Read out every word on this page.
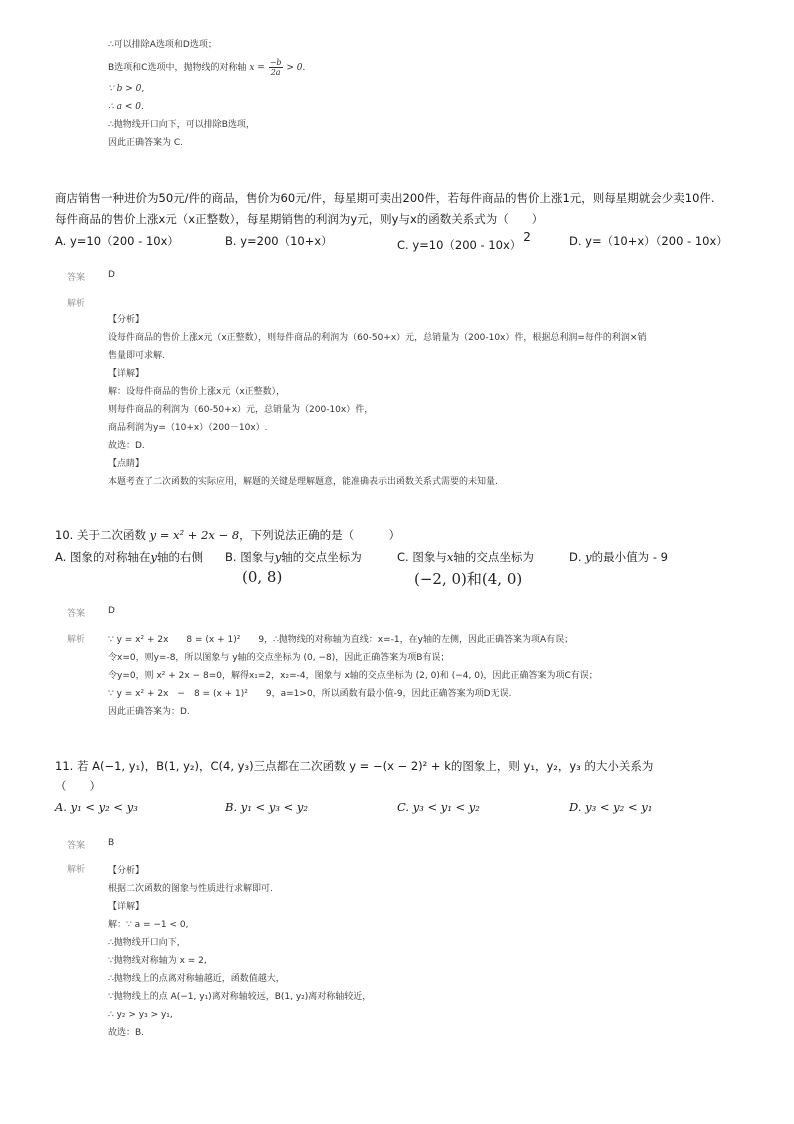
∴可以排除A选项和D选项；
B选项和C选项中，抛物线的对称轴 $x = \frac{-b}{2a} > 0$.
∵ b > 0,
∴ a < 0.
∴抛物线开口向下，可以排除B选项，
因此正确答案为 C.
商店销售一种进价为50元/件的商品，售价为60元/件，每星期可卖出200件，若每件商品的售价上涨1元，则每星期就会少卖10件.
每件商品的售价上涨x元（x正整数），每星期销售的利润为y元，则y与x的函数关系式为（　　）
A. y=10（200 - 10x）	B. y=200（10+x）	C. y=10（200 - 10x）$^2$	D. y=（10+x）（200 - 10x）
答案	D
解析
【分析】
设每件商品的售价上涨x元（x正整数），则每件商品的利润为（60-50+x）元，总销量为（200-10x）件，根据总利润=每件的利润×销
售量即可求解.
【详解】
解：设每件商品的售价上涨x元（x正整数），
则每件商品的利润为（60-50+x）元，总销量为（200-10x）件，
商品利润为y=（10+x）（200－10x）.
故选：D.
【点睛】
本题考查了二次函数的实际应用，解题的关键是理解题意，能准确表示出函数关系式需要的未知量.
10. 关于二次函数 y = x² + 2x − 8，下列说法正确的是（　　　）
A. 图象的对称轴在y轴的右侧 B. 图象与y轴的交点坐标为
(0, 8)
C. 图象与x轴的交点坐标为
(−2, 0)和(4, 0)
D. y的最小值为 - 9
答案	D
解析	∵ y = x² + 2x　　8 = (x + 1)²　　9，∴抛物线的对称轴为直线：x=-1，在y轴的左侧，因此正确答案为项A有误；
令x=0，则y=-8，所以图象与 y轴的交点坐标为 (0, −8)，因此正确答案为项B有误；
令y=0，则 x² + 2x − 8=0，解得x₁=2，x₂=-4，图象与 x轴的交点坐标为 (2, 0)和 (−4, 0)，因此正确答案为项C有误；
∵ y = x² + 2x　−　8 = (x + 1)²　　9，a=1>0，所以函数有最小值-9，因此正确答案为项D无误.
因此正确答案为：D.
11. 若 A(−1, y₁)，B(1, y₂)，C(4, y₃)三点都在二次函数 y = −(x − 2)² + k的图象上，则 y₁，y₂，y₃ 的大小关系为
（　　）
A. y₁ < y₂ < y₃	B. y₁ < y₃ < y₂	C. y₃ < y₁ < y₂	D. y₃ < y₂ < y₁
答案	B
解析	【分析】
根据二次函数的图象与性质进行求解即可.
【详解】
解：∵ a = −1 < 0,
∴抛物线开口向下，
∵抛物线对称轴为 x = 2,
∴抛物线上的点离对称轴越近，函数值越大，
∵抛物线上的点 A(−1, y₁)离对称轴较远，B(1, y₂)离对称轴较近，
∴ y₂ > y₃ > y₁,
故选：B.
